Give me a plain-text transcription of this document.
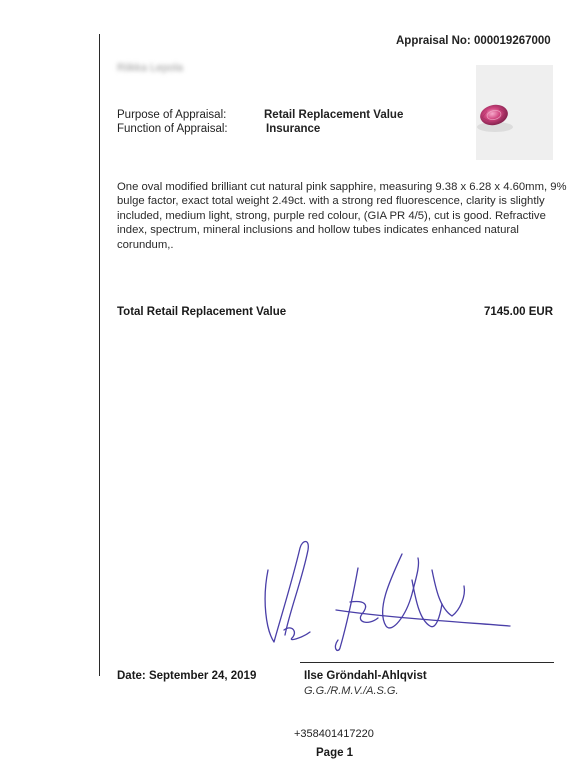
Appraisal No: 000019267000
Riikka Lepola
Purpose of Appraisal:	Retail Replacement Value
Function of Appraisal:	Insurance
One oval modified brilliant cut natural pink sapphire, measuring 9.38 x 6.28 x 4.60mm, 9% bulge factor, exact total weight 2.49ct. with a strong red fluorescence, clarity is slightly included, medium light, strong, purple red colour, (GIA PR 4/5), cut is good. Refractive index, spectrum, mineral inclusions and hollow tubes indicates enhanced natural corundum,.
Total Retail Replacement Value	7145.00 EUR
Date: September 24, 2019	Ilse Gröndahl-Ahlqvist
G.G./R.M.V./A.S.G.
+358401417220
Page 1
